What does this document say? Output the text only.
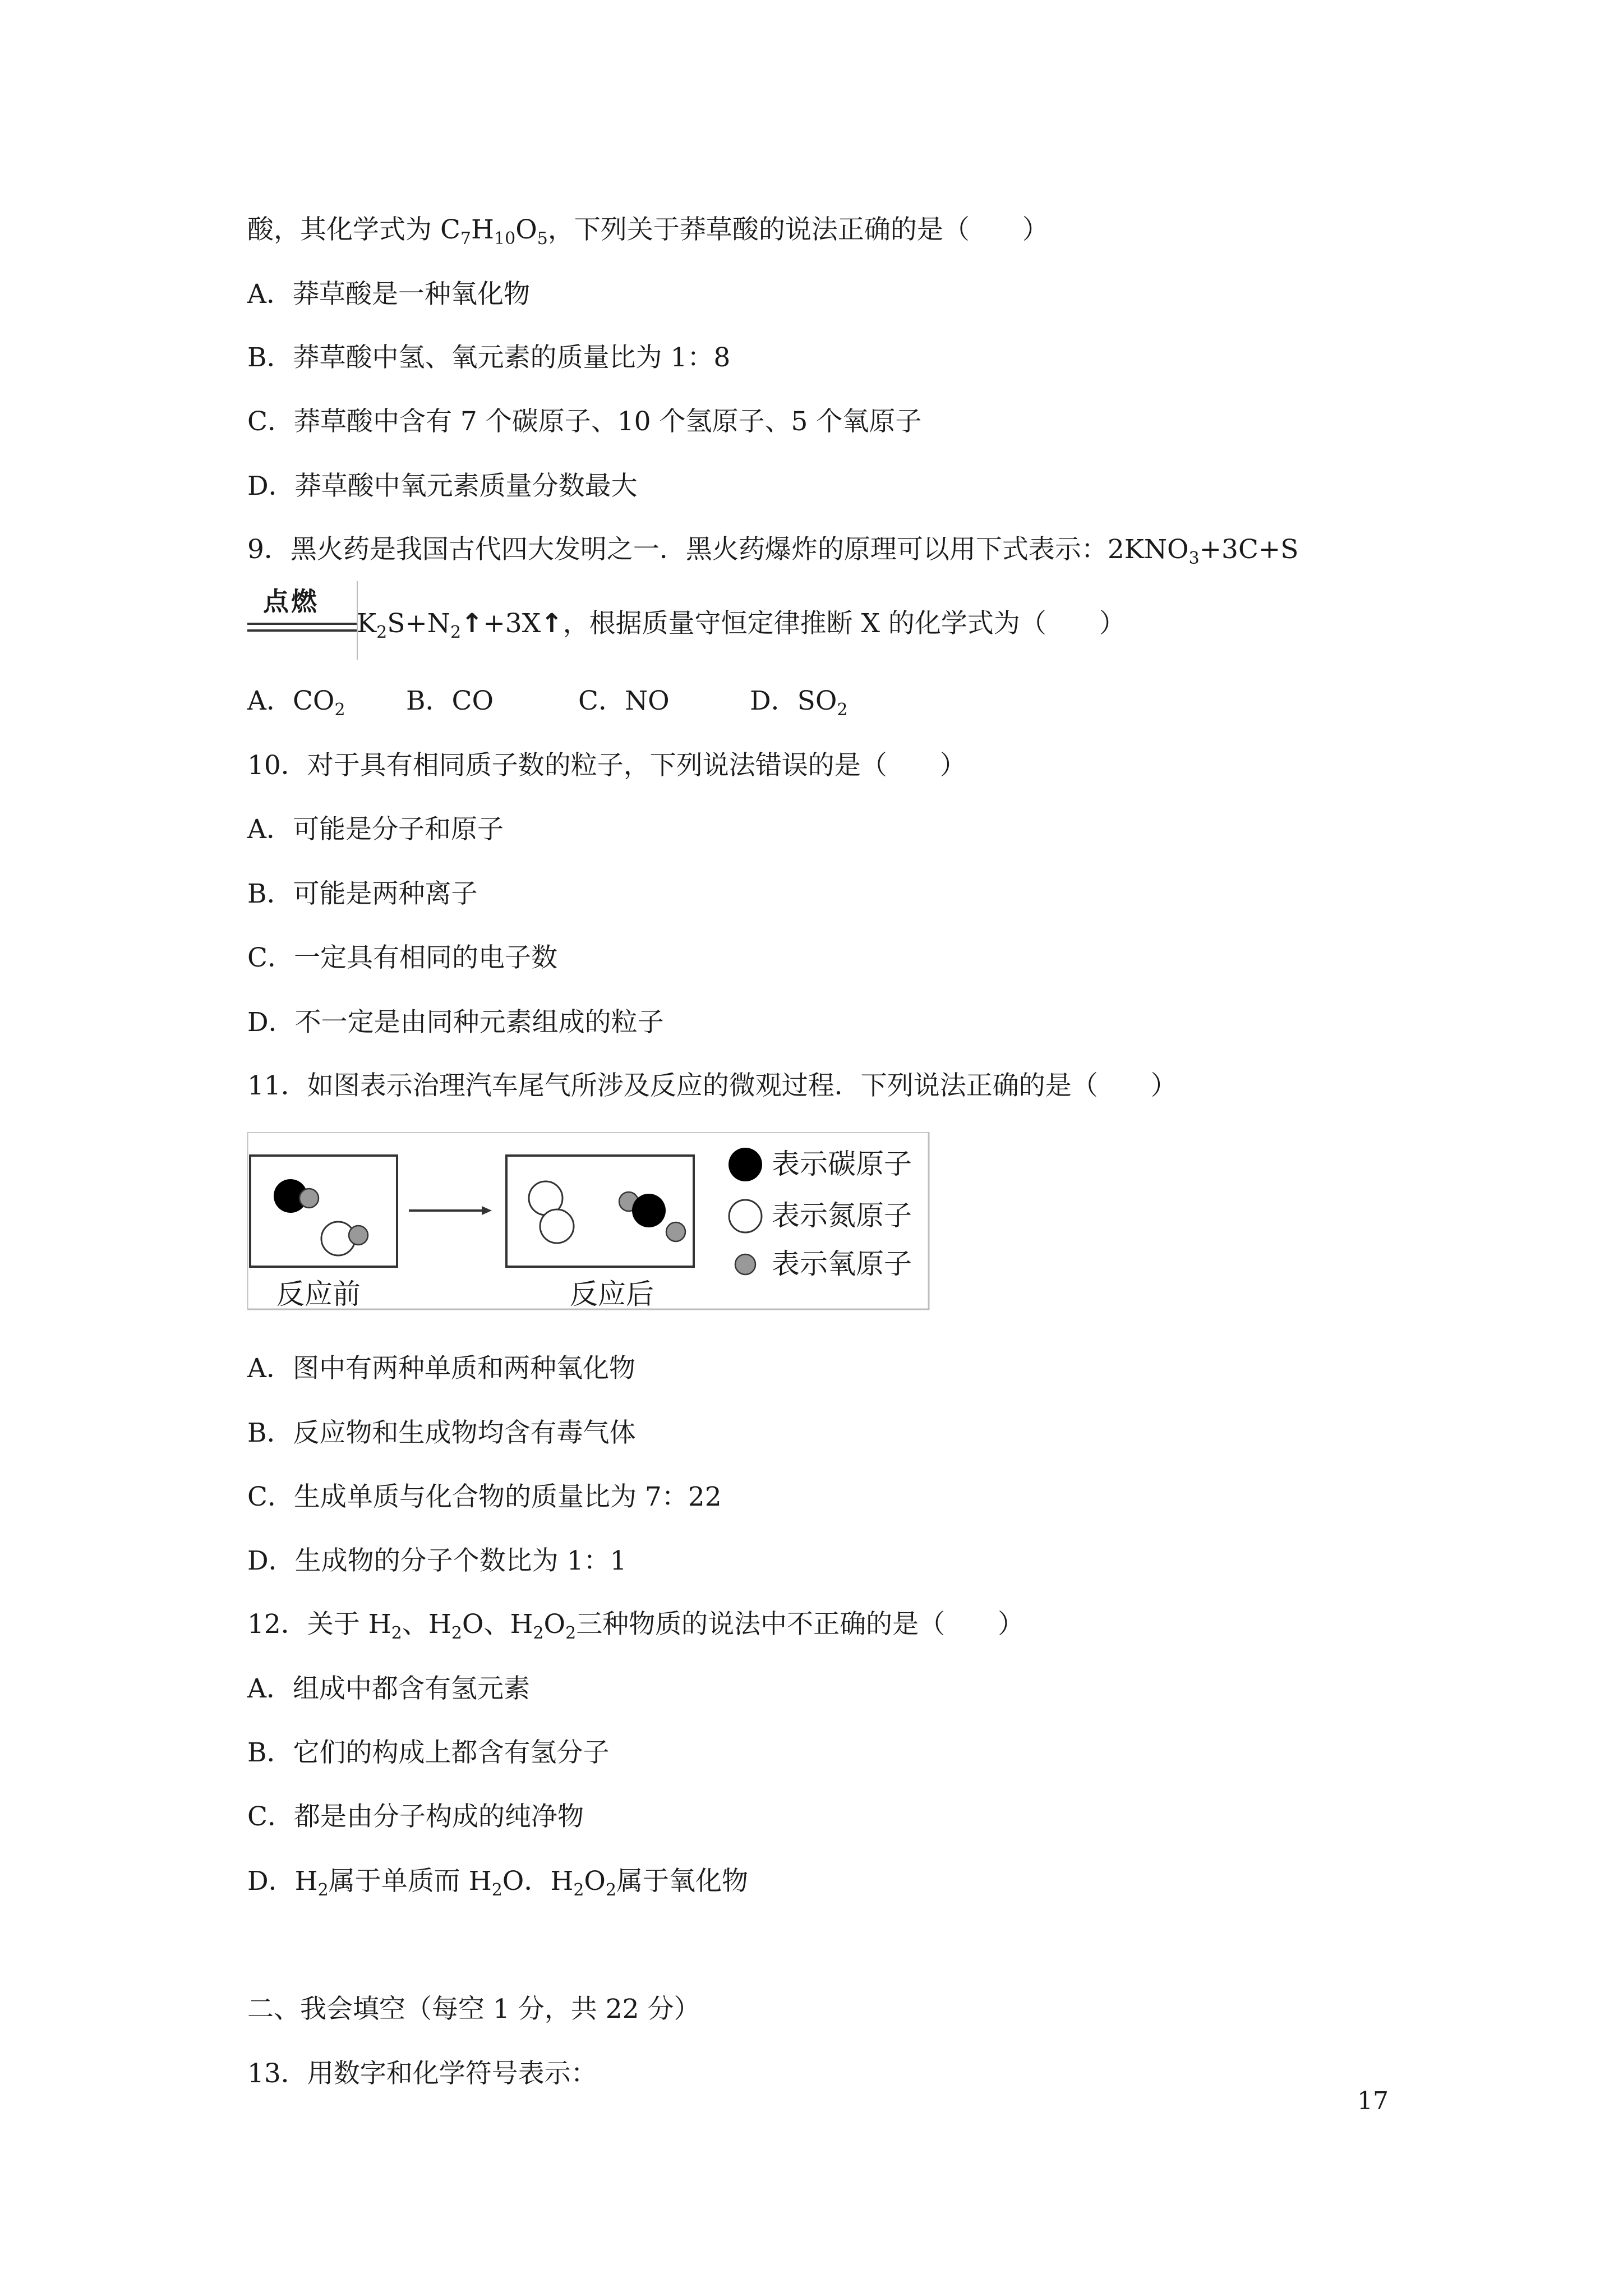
酸，其化学式为 $C_7H_{10}O_5$，下列关于莽草酸的说法正确的是（　　）
A．莽草酸是一种氧化物
B．莽草酸中氢、氧元素的质量比为 1：8
C．莽草酸中含有 7 个碳原子、10 个氢原子、5 个氧原子
D．莽草酸中氧元素质量分数最大
9．黑火药是我国古代四大发明之一．黑火药爆炸的原理可以用下式表示：$2KNO_3+3C+S$
点燃
$K_2S+N_2↑+3X↑$，根据质量守恒定律推断 X 的化学式为（　　）
A．$CO_2$ B．CO	C．NO	D．$SO_2$
10．对于具有相同质子数的粒子，下列说法错误的是（　　）
A．可能是分子和原子
B．可能是两种离子
C．一定具有相同的电子数
D．不一定是由同种元素组成的粒子
11．如图表示治理汽车尾气所涉及反应的微观过程．下列说法正确的是（　　）
表示碳原子
表示氮原子
表示氧原子
反应前	反应后
A．图中有两种单质和两种氧化物
B．反应物和生成物均含有毒气体
C．生成单质与化合物的质量比为 7：22
D．生成物的分子个数比为 1：1
12．关于 $H_2$、$H_2O$、$H_2O_2$三种物质的说法中不正确的是（　　）
A．组成中都含有氢元素
B．它们的构成上都含有氢分子
C．都是由分子构成的纯净物
D．$H_2$属于单质而 $H_2O$．$H_2O_2$属于氧化物
二、我会填空（每空 1 分，共 22 分）
13．用数字和化学符号表示：
17
